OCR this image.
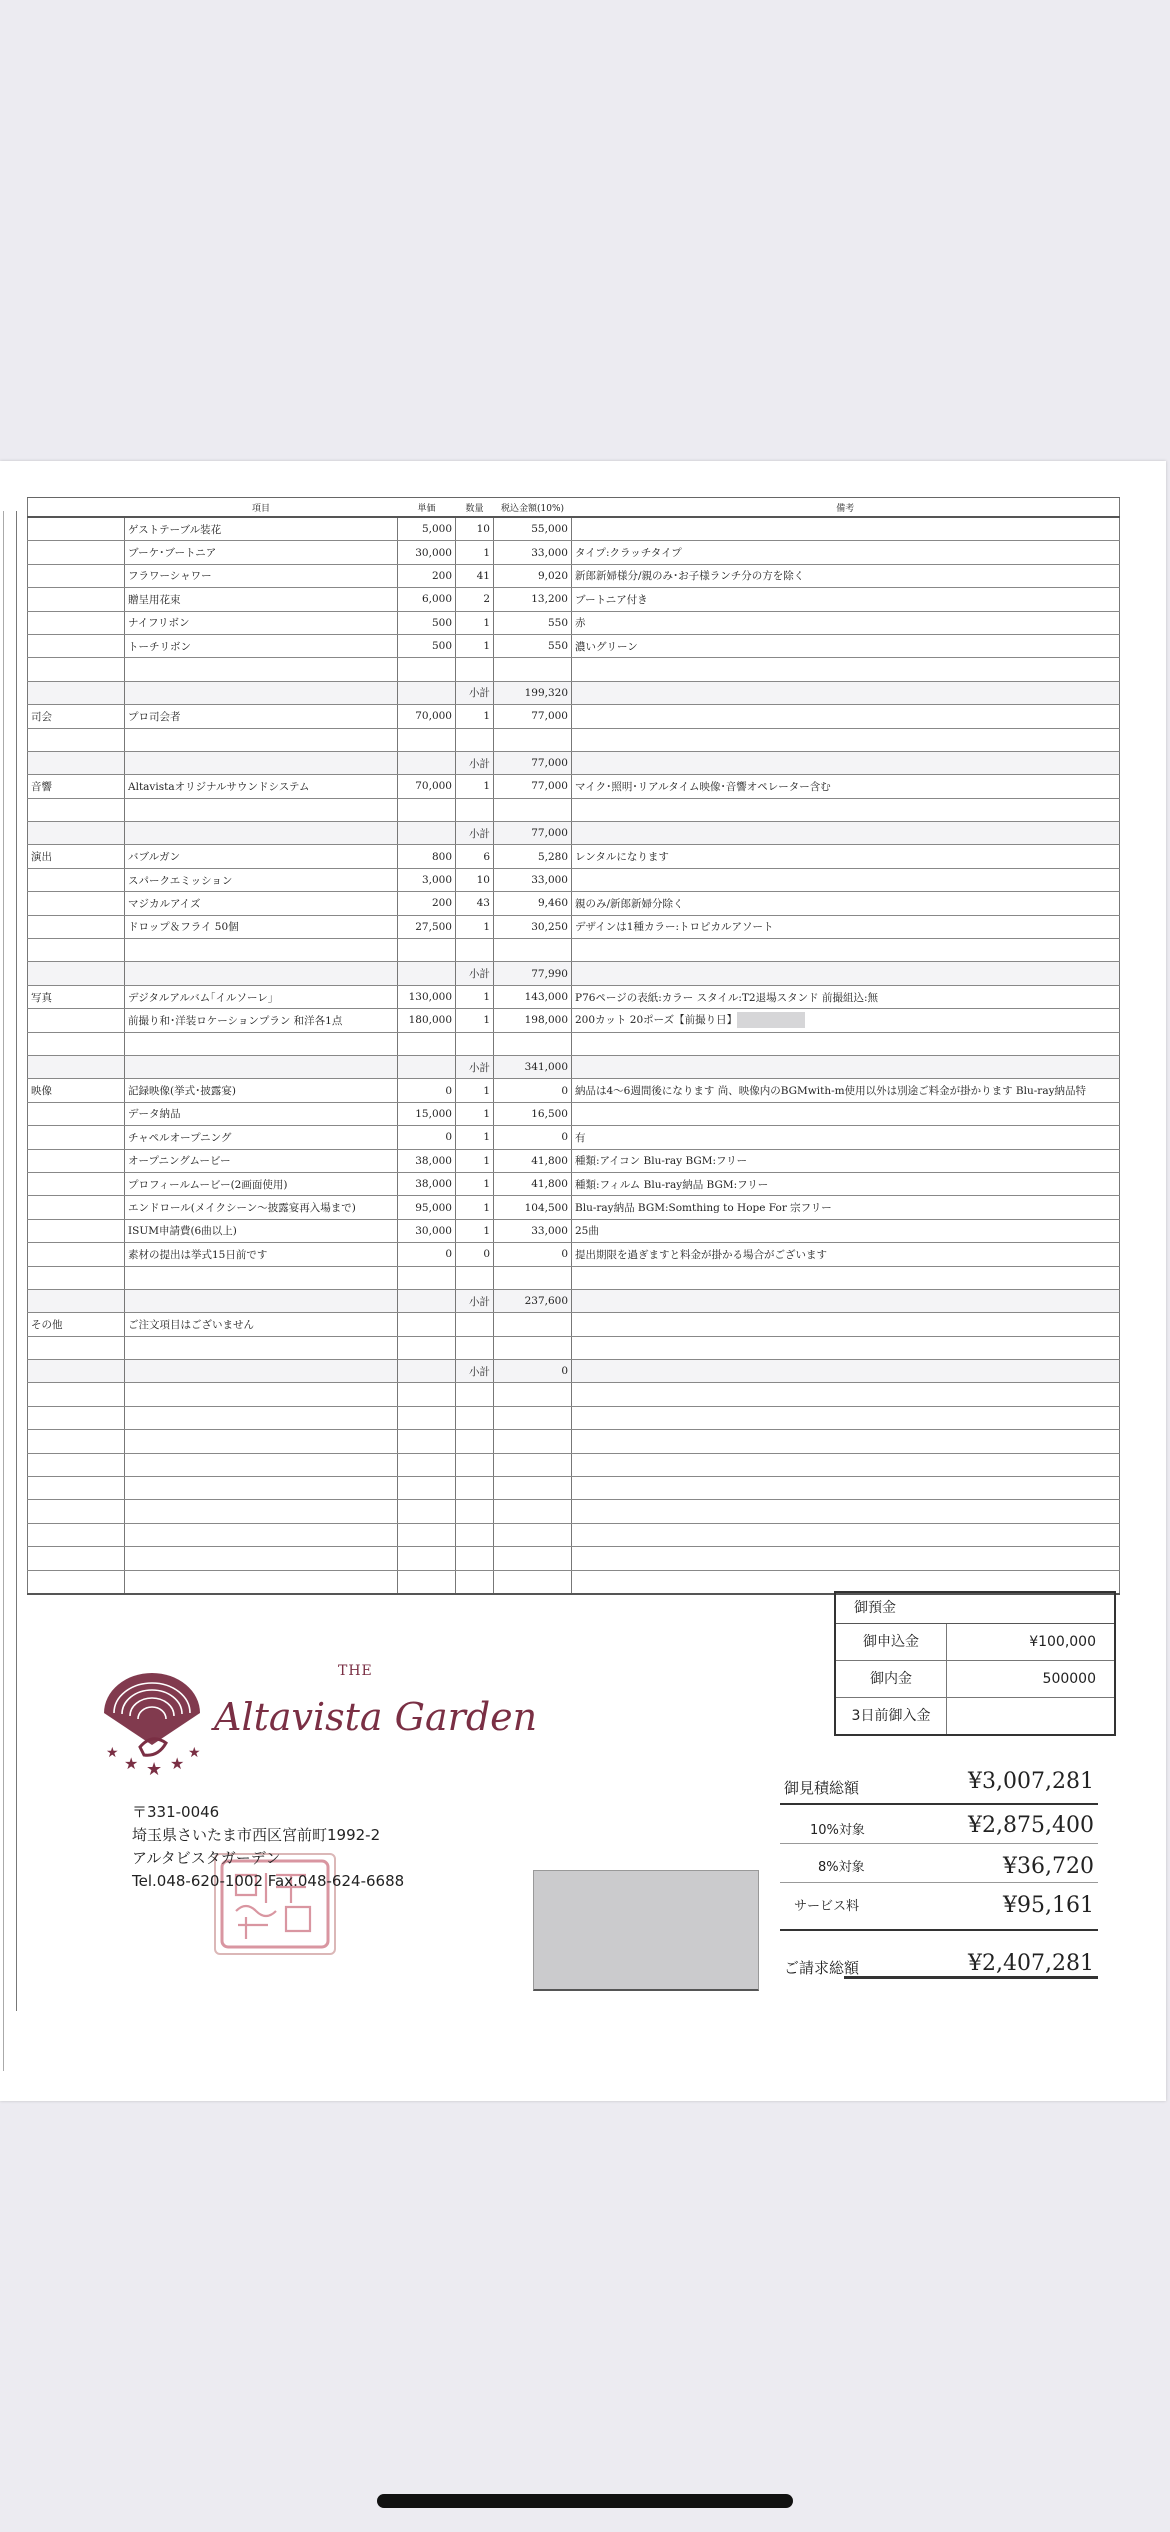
	項目	単価	数量	税込金額(10%)	備考
	ゲストテーブル装花	5,000	10	55,000	
	ブーケ･ブートニア	30,000	1	33,000	タイプ:クラッチタイプ
	フラワーシャワー	200	41	9,020	新郎新婦様分/親のみ･お子様ランチ分の方を除く
	贈呈用花束	6,000	2	13,200	ブートニア付き
	ナイフリボン	500	1	550	赤
	トーチリボン	500	1	550	濃いグリーン

			小計	199,320	
司会	プロ司会者	70,000	1	77,000	

			小計	77,000	
音響	Altavistaオリジナルサウンドシステム	70,000	1	77,000	マイク･照明･リアルタイム映像･音響オペレーター含む

			小計	77,000	
演出	バブルガン	800	6	5,280	レンタルになります
	スパークエミッション	3,000	10	33,000	
	マジカルアイズ	200	43	9,460	親のみ/新郎新婦分除く
	ドロップ＆フライ 50個	27,500	1	30,250	デザインは1種カラー:トロピカルアソート

			小計	77,990	
写真	デジタルアルバム｢イルソーレ｣	130,000	1	143,000	P76ページの表紙:カラー スタイル:T2退場スタンド 前撮組込:無
	前撮り和･洋装ロケーションプラン 和洋各1点	180,000	1	198,000	200カット 20ポーズ【前撮り日】

			小計	341,000	
映像	記録映像(挙式･披露宴)	0	1	0	納品は4～6週間後になります 尚、映像内のBGMwith-m使用以外は別途ご料金が掛かります Blu-ray納品特
	データ納品	15,000	1	16,500	
	チャペルオープニング	0	1	0	有
	オープニングムービー	38,000	1	41,800	種類:アイコン Blu-ray BGM:フリー
	プロフィールムービー(2画面使用)	38,000	1	41,800	種類:フィルム Blu-ray納品 BGM:フリー
	エンドロール(メイクシーン～披露宴再入場まで)	95,000	1	104,500	Blu-ray納品 BGM:Somthing to Hope For 宗フリー
	ISUM申請費(6曲以上)	30,000	1	33,000	25曲
	素材の提出は挙式15日前です	0	0	0	提出期限を過ぎますと料金が掛かる場合がございます

			小計	237,600	
その他	ご注文項目はございません				

			小計	0	

御預金
御申込金	¥100,000
御内金	500000
3日前御入金
★
★ ★ ★
★
THE
Altavista Garden
〒331-0046
埼玉県さいたま市西区宮前町1992-2
アルタビスタガーデン
Tel.048-620-1002 Fax.048-624-6688
御見積総額	¥3,007,281
10%対象	¥2,875,400
8%対象	¥36,720
サービス料	¥95,161
ご請求総額	¥2,407,281
